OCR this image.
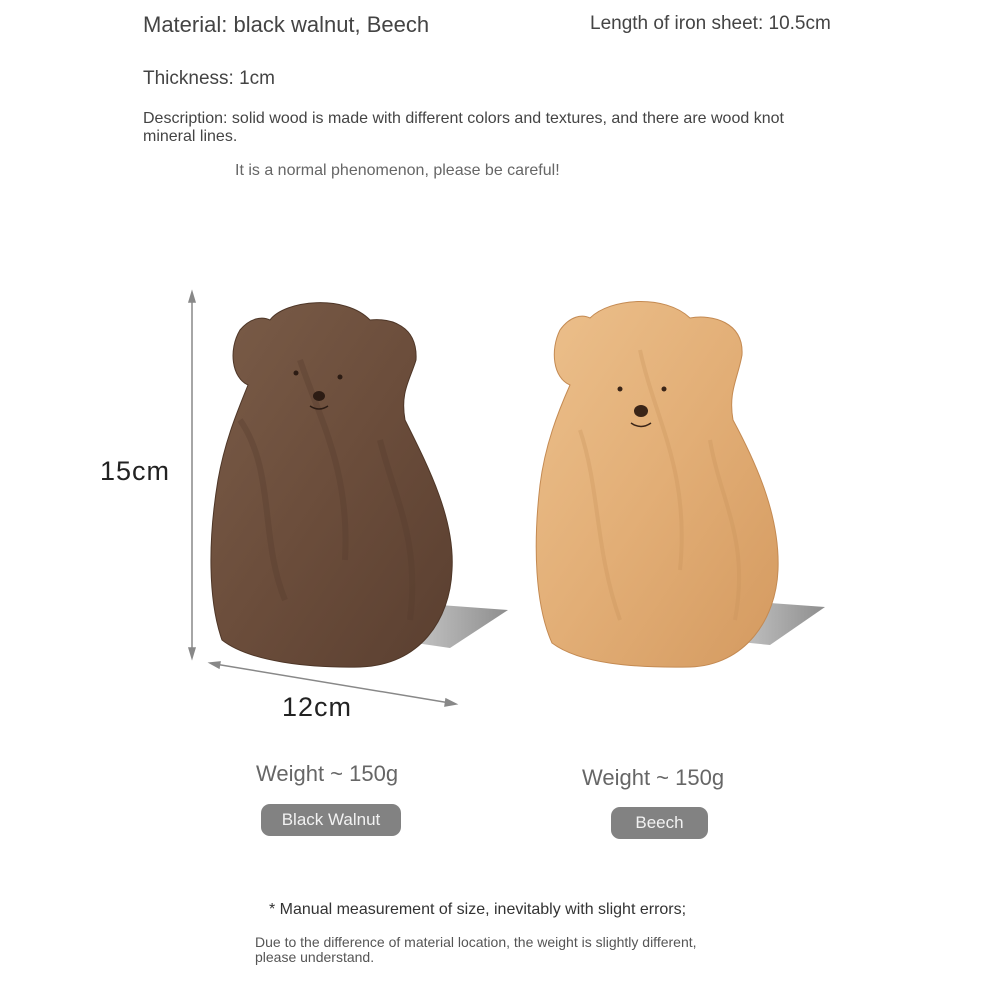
Material: black walnut, Beech	Length of iron sheet: 10.5cm
Thickness: 1cm
Description: solid wood is made with different colors and textures, and there are wood knot mineral lines.
It is a normal phenomenon, please be careful!
15cm
12cm
Weight ~ 150g	Weight ~ 150g
Black Walnut	Beech
* Manual measurement of size, inevitably with slight errors;
Due to the difference of material location, the weight is slightly different, please understand.
